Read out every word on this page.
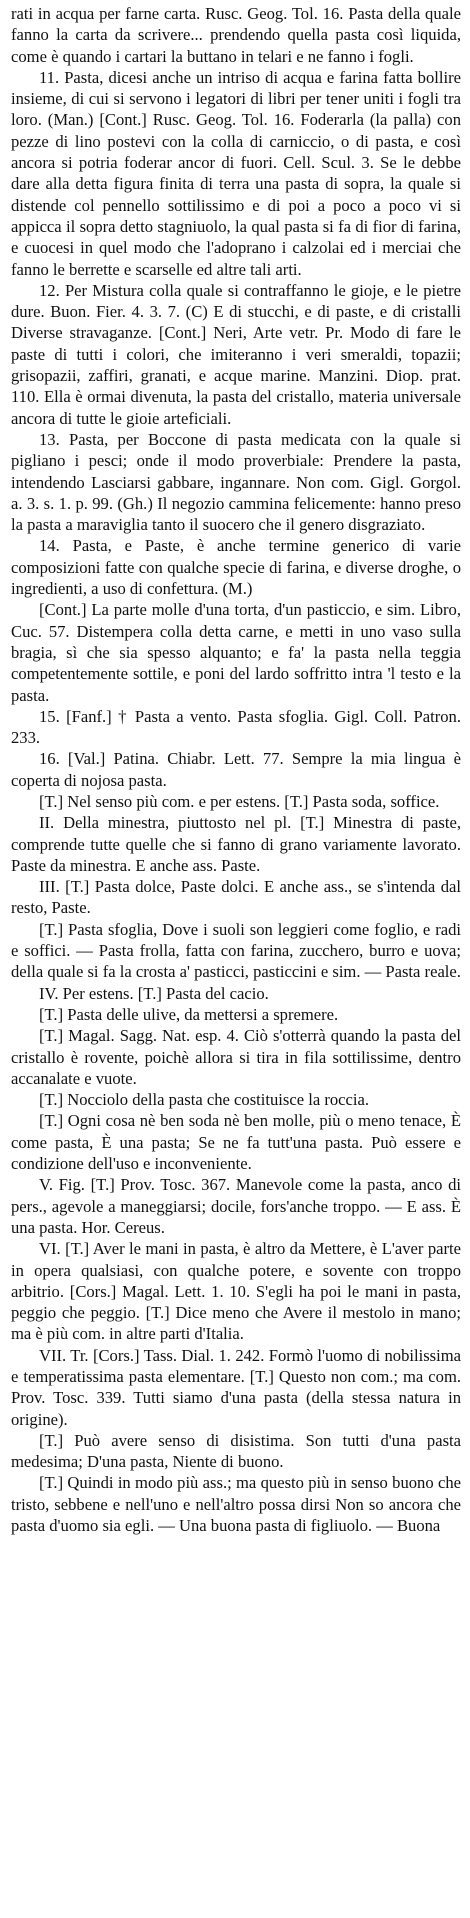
rati in acqua per farne carta. Rusc. Geog. Tol. 16. Pasta della quale fanno la carta da scrivere... prendendo quella pasta così liquida, come è quando i cartari la buttano in telari e ne fanno i fogli.

11. Pasta, dicesi anche un intriso di acqua e farina fatta bollire insieme, di cui si servono i legatori di libri per tener uniti i fogli tra loro. (Man.) [Cont.] Rusc. Geog. Tol. 16. Foderarla (la palla) con pezze di lino postevi con la colla di carniccio, o di pasta, e così ancora si potria foderar ancor di fuori. Cell. Scul. 3. Se le debbe dare alla detta figura finita di terra una pasta di sopra, la quale si distende col pennello sottilissimo e di poi a poco a poco vi si appicca il sopra detto stagniuolo, la qual pasta si fa di fior di farina, e cuocesi in quel modo che l'adoprano i calzolai ed i merciai che fanno le berrette e scarselle ed altre tali arti.

12. Per Mistura colla quale si contraffanno le gioje, e le pietre dure. Buon. Fier. 4. 3. 7. (C) E di stucchi, e di paste, e di cristalli Diverse stravaganze. [Cont.] Neri, Arte vetr. Pr. Modo di fare le paste di tutti i colori, che imiteranno i veri smeraldi, topazii; grisopazii, zaffiri, granati, e acque marine. Manzini. Diop. prat. 110. Ella è ormai divenuta, la pasta del cristallo, materia universale ancora di tutte le gioie arteficiali.

13. Pasta, per Boccone di pasta medicata con la quale si pigliano i pesci; onde il modo proverbiale: Prendere la pasta, intendendo Lasciarsi gabbare, ingannare. Non com. Gigl. Gorgol. a. 3. s. 1. p. 99. (Gh.) Il negozio cammina felicemente: hanno preso la pasta a maraviglia tanto il suocero che il genero disgraziato.

14. Pasta, e Paste, è anche termine generico di varie composizioni fatte con qualche specie di farina, e diverse droghe, o ingredienti, a uso di confettura. (M.)

[Cont.] La parte molle d'una torta, d'un pasticcio, e sim. Libro, Cuc. 57. Distempera colla detta carne, e metti in uno vaso sulla bragia, sì che sia spesso alquanto; e fa' la pasta nella teggia competentemente sottile, e poni del lardo soffritto intra 'l testo e la pasta.

15. [Fanf.] † Pasta a vento. Pasta sfoglia. Gigl. Coll. Patron. 233.

16. [Val.] Patina. Chiabr. Lett. 77. Sempre la mia lingua è coperta di nojosa pasta.

[T.] Nel senso più com. e per estens. [T.] Pasta soda, soffice.

II. Della minestra, piuttosto nel pl. [T.] Minestra di paste, comprende tutte quelle che si fanno di grano variamente lavorato. Paste da minestra. E anche ass. Paste.

III. [T.] Pasta dolce, Paste dolci. E anche ass., se s'intenda dal resto, Paste.

[T.] Pasta sfoglia, Dove i suoli son leggieri come foglio, e radi e soffici. — Pasta frolla, fatta con farina, zucchero, burro e uova; della quale si fa la crosta a' pasticci, pasticcini e sim. — Pasta reale.

IV. Per estens. [T.] Pasta del cacio.

[T.] Pasta delle ulive, da mettersi a spremere.

[T.] Magal. Sagg. Nat. esp. 4. Ciò s'otterrà quando la pasta del cristallo è rovente, poichè allora si tira in fila sottilissime, dentro accanalate e vuote.

[T.] Nocciolo della pasta che costituisce la roccia.

[T.] Ogni cosa nè ben soda nè ben molle, più o meno tenace, È come pasta, È una pasta; Se ne fa tutt'una pasta. Può essere e condizione dell'uso e inconveniente.

V. Fig. [T.] Prov. Tosc. 367. Manevole come la pasta, anco di pers., agevole a maneggiarsi; docile, fors'anche troppo. — E ass. È una pasta. Hor. Cereus.

VI. [T.] Aver le mani in pasta, è altro da Mettere, è L'aver parte in opera qualsiasi, con qualche potere, e sovente con troppo arbitrio. [Cors.] Magal. Lett. 1. 10. S'egli ha poi le mani in pasta, peggio che peggio. [T.] Dice meno che Avere il mestolo in mano; ma è più com. in altre parti d'Italia.

VII. Tr. [Cors.] Tass. Dial. 1. 242. Formò l'uomo di nobilissima e temperatissima pasta elementare. [T.] Questo non com.; ma com. Prov. Tosc. 339. Tutti siamo d'una pasta (della stessa natura in origine).

[T.] Può avere senso di disistima. Son tutti d'una pasta medesima; D'una pasta, Niente di buono.

[T.] Quindi in modo più ass.; ma questo più in senso buono che tristo, sebbene e nell'uno e nell'altro possa dirsi Non so ancora che pasta d'uomo sia egli. — Una buona pasta di figliuolo. — Buona
